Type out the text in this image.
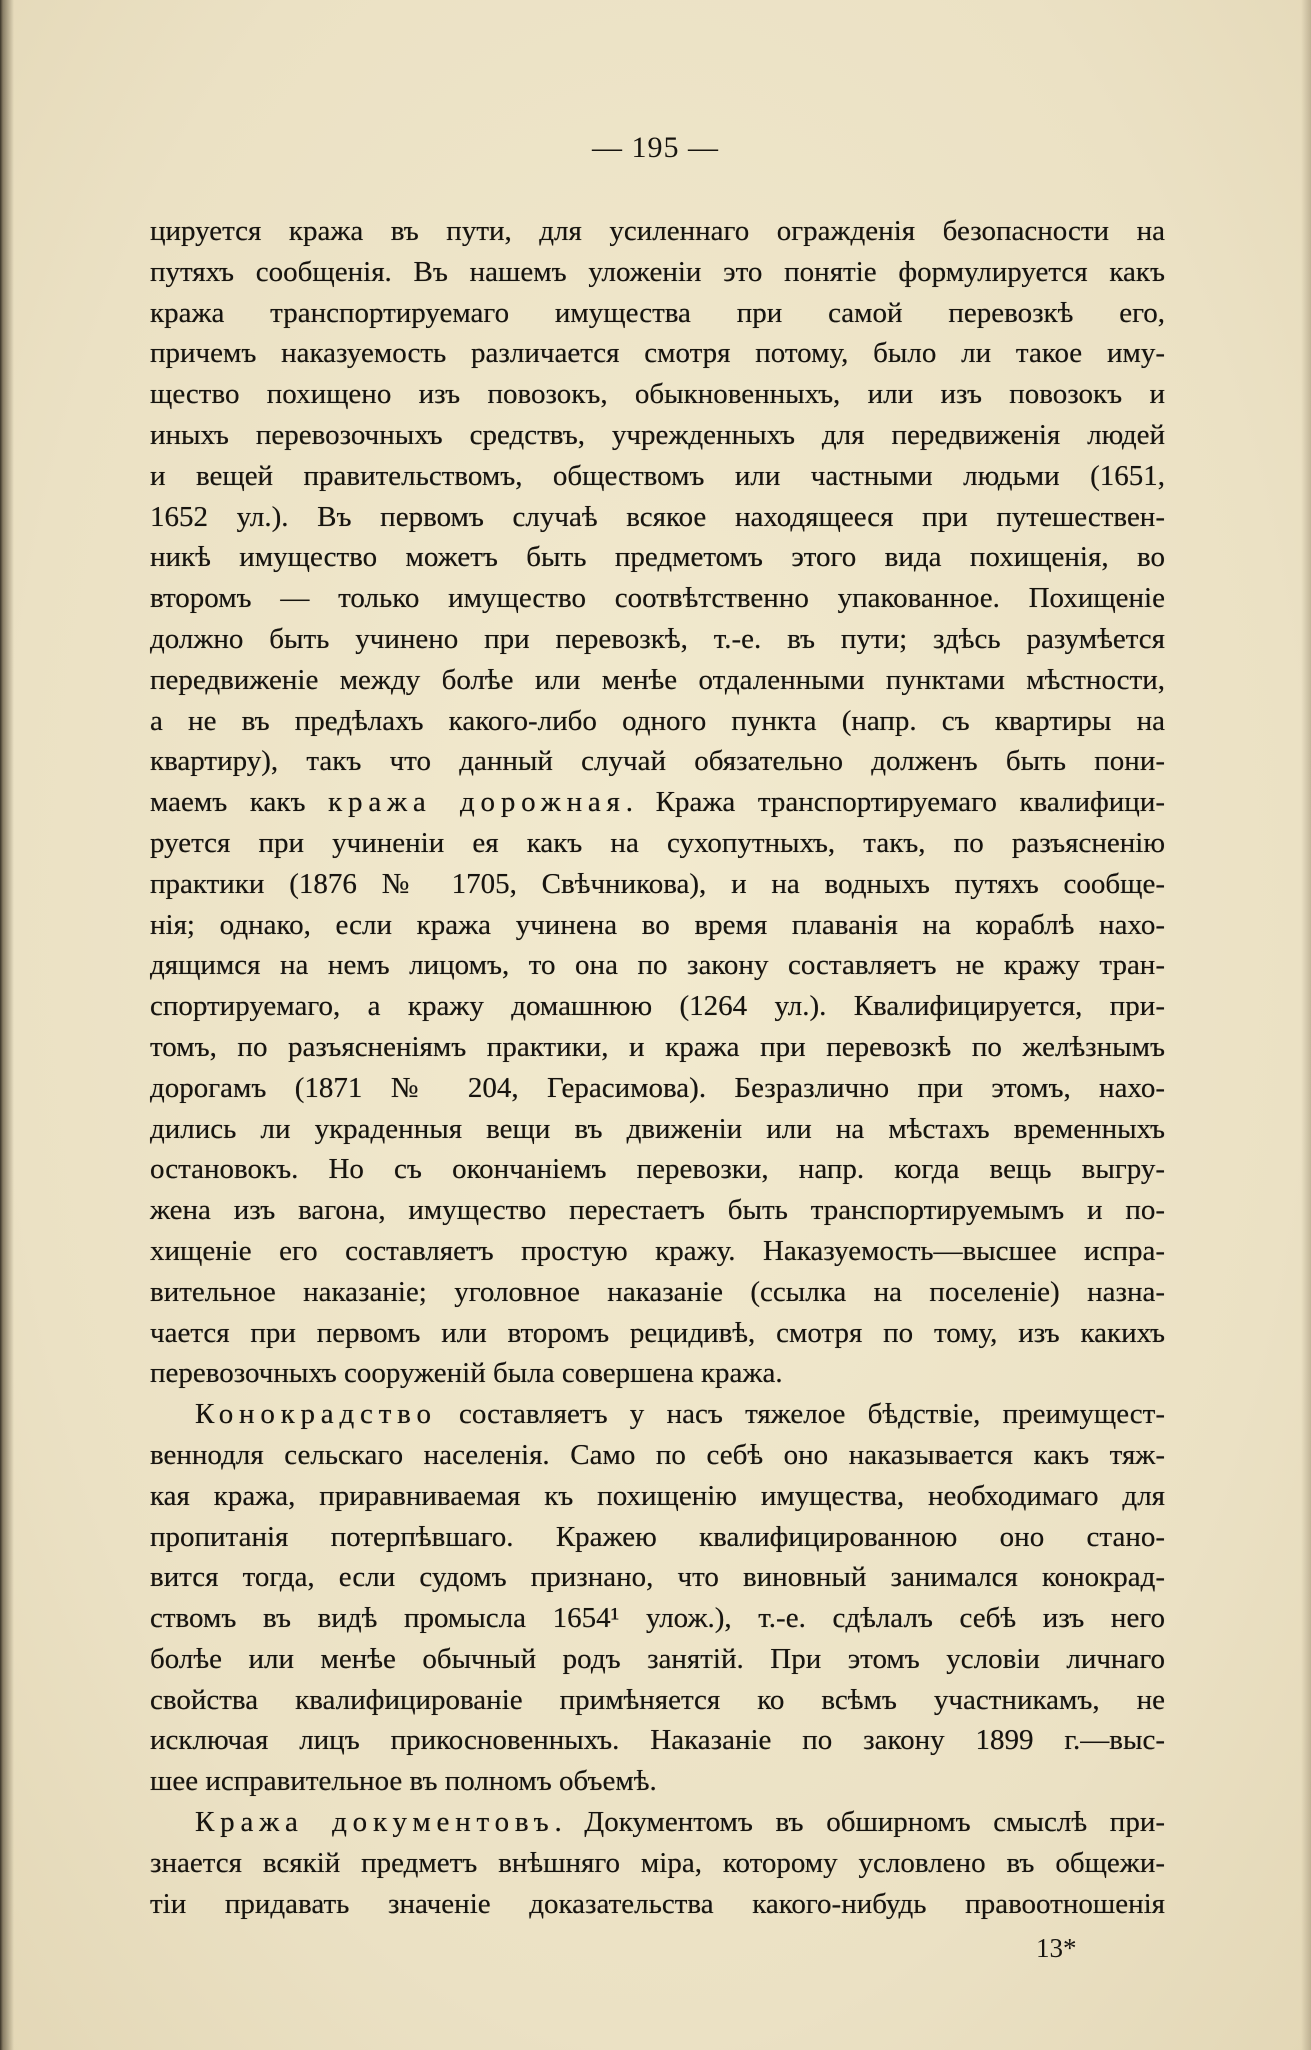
— 195 —
цируется кража въ пути, для усиленнаго огражденія безопасности на
путяхъ сообщенія. Въ нашемъ уложеніи это понятіе формулируется какъ
кража транспортируемаго имущества при самой перевозкѣ его,
причемъ наказуемость различается смотря потому, было ли такое иму-
щество похищено изъ повозокъ, обыкновенныхъ, или изъ повозокъ и
иныхъ перевозочныхъ средствъ, учрежденныхъ для передвиженія людей
и вещей правительствомъ, обществомъ или частными людьми (1651,
1652 ул.). Въ первомъ случаѣ всякое находящееся при путешествен-
никѣ имущество можетъ быть предметомъ этого вида похищенія, во
второмъ — только имущество соотвѣтственно упакованное. Похищеніе
должно быть учинено при перевозкѣ, т.-е. въ пути; здѣсь разумѣется
передвиженіе между болѣе или менѣе отдаленными пунктами мѣстности,
а не въ предѣлахъ какого-либо одного пункта (напр. съ квартиры на
квартиру), такъ что данный случай обязательно долженъ быть пони-
маемъ какъ кража дорожная. Кража транспортируемаго квалифици-
руется при учиненіи ея какъ на сухопутныхъ, такъ, по разъясненію
практики (1876 № 1705, Свѣчникова), и на водныхъ путяхъ сообще-
нія; однако, если кража учинена во время плаванія на кораблѣ нахо-
дящимся на немъ лицомъ, то она по закону составляетъ не кражу тран-
спортируемаго, а кражу домашнюю (1264 ул.). Квалифицируется, при-
томъ, по разъясненіямъ практики, и кража при перевозкѣ по желѣзнымъ
дорогамъ (1871 № 204, Герасимова). Безразлично при этомъ, нахо-
дились ли украденныя вещи въ движеніи или на мѣстахъ временныхъ
остановокъ. Но съ окончаніемъ перевозки, напр. когда вещь выгру-
жена изъ вагона, имущество перестаетъ быть транспортируемымъ и по-
хищеніе его составляетъ простую кражу. Наказуемость—высшее испра-
вительное наказаніе; уголовное наказаніе (ссылка на поселеніе) назна-
чается при первомъ или второмъ рецидивѣ, смотря по тому, изъ какихъ
перевозочныхъ сооруженій была совершена кража.
Конокрадство составляетъ у насъ тяжелое бѣдствіе, преимущест-
веннодля сельскаго населенія. Само по себѣ оно наказывается какъ тяж-
кая кража, приравниваемая къ похищенію имущества, необходимаго для
пропитанія потерпѣвшаго. Кражею квалифицированною оно стано-
вится тогда, если судомъ признано, что виновный занимался конокрад-
ствомъ въ видѣ промысла 1654¹ улож.), т.-е. сдѣлалъ себѣ изъ него
болѣе или менѣе обычный родъ занятій. При этомъ условіи личнаго
свойства квалифицированіе примѣняется ко всѣмъ участникамъ, не
исключая лицъ прикосновенныхъ. Наказаніе по закону 1899 г.—выс-
шее исправительное въ полномъ объемѣ.
Кража документовъ. Документомъ въ обширномъ смыслѣ при-
знается всякій предметъ внѣшняго міра, которому условлено въ общежи-
тіи придавать значеніе доказательства какого-нибудь правоотношенія
13*
